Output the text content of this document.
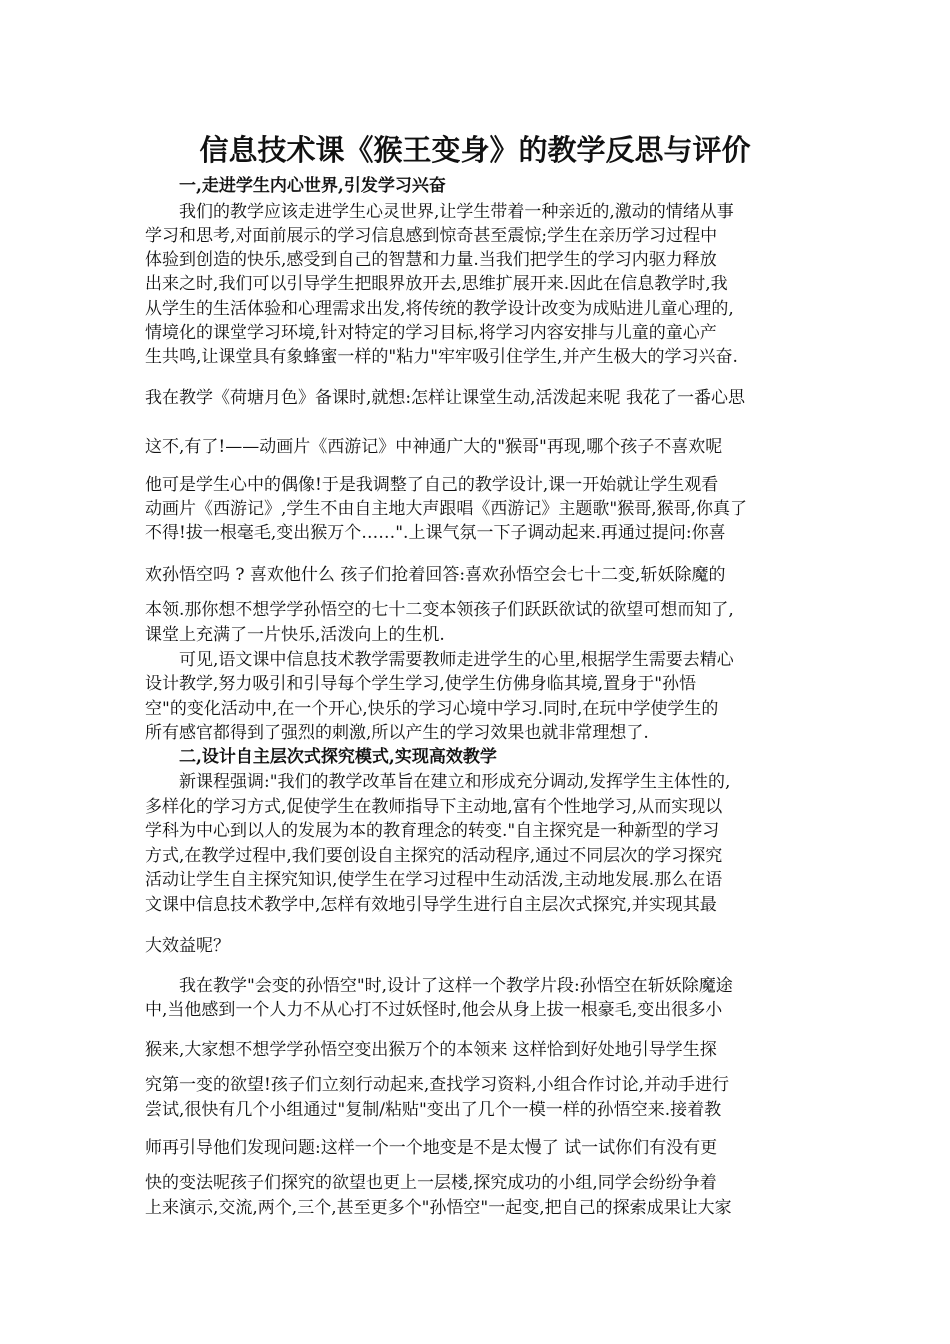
信息技术课《猴王变身》的教学反思与评价
一,走进学生内心世界,引发学习兴奋
我们的教学应该走进学生心灵世界,让学生带着一种亲近的,激动的情绪从事
学习和思考,对面前展示的学习信息感到惊奇甚至震惊;学生在亲历学习过程中
体验到创造的快乐,感受到自己的智慧和力量.当我们把学生的学习内驱力释放
出来之时,我们可以引导学生把眼界放开去,思维扩展开来.因此在信息教学时,我
从学生的生活体验和心理需求出发,将传统的教学设计改变为成贴进儿童心理的,
情境化的课堂学习环境,针对特定的学习目标,将学习内容安排与儿童的童心产
生共鸣,让课堂具有象蜂蜜一样的"粘力"牢牢吸引住学生,并产生极大的学习兴奋.
我在教学《荷塘月色》备课时,就想:怎样让课堂生动,活泼起来呢 我花了一番心思
这不,有了!——动画片《西游记》中神通广大的"猴哥"再现,哪个孩子不喜欢呢
他可是学生心中的偶像!于是我调整了自己的教学设计,课一开始就让学生观看
动画片《西游记》,学生不由自主地大声跟唱《西游记》主题歌"猴哥,猴哥,你真了
不得!拔一根毫毛,变出猴万个……".上课气氛一下子调动起来.再通过提问:你喜
欢孙悟空吗 ? 喜欢他什么 孩子们抢着回答:喜欢孙悟空会七十二变,斩妖除魔的
本领.那你想不想学学孙悟空的七十二变本领孩子们跃跃欲试的欲望可想而知了,
课堂上充满了一片快乐,活泼向上的生机.
可见,语文课中信息技术教学需要教师走进学生的心里,根据学生需要去精心
设计教学,努力吸引和引导每个学生学习,使学生仿佛身临其境,置身于"孙悟
空"的变化活动中,在一个开心,快乐的学习心境中学习.同时,在玩中学使学生的
所有感官都得到了强烈的刺激,所以产生的学习效果也就非常理想了.
二,设计自主层次式探究模式,实现高效教学
新课程强调:"我们的教学改革旨在建立和形成充分调动,发挥学生主体性的,
多样化的学习方式,促使学生在教师指导下主动地,富有个性地学习,从而实现以
学科为中心到以人的发展为本的教育理念的转变."自主探究是一种新型的学习
方式,在教学过程中,我们要创设自主探究的活动程序,通过不同层次的学习探究
活动让学生自主探究知识,使学生在学习过程中生动活泼,主动地发展.那么在语
文课中信息技术教学中,怎样有效地引导学生进行自主层次式探究,并实现其最
大效益呢？
我在教学"会变的孙悟空"时,设计了这样一个教学片段:孙悟空在斩妖除魔途
中,当他感到一个人力不从心打不过妖怪时,他会从身上拔一根豪毛,变出很多小
猴来,大家想不想学学孙悟空变出猴万个的本领来 这样恰到好处地引导学生探
究第一变的欲望!孩子们立刻行动起来,查找学习资料,小组合作讨论,并动手进行
尝试,很快有几个小组通过"复制/粘贴"变出了几个一模一样的孙悟空来.接着教
师再引导他们发现问题:这样一个一个地变是不是太慢了 试一试你们有没有更
快的变法呢孩子们探究的欲望也更上一层楼,探究成功的小组,同学会纷纷争着
上来演示,交流,两个,三个,甚至更多个"孙悟空"一起变,把自己的探索成果让大家
